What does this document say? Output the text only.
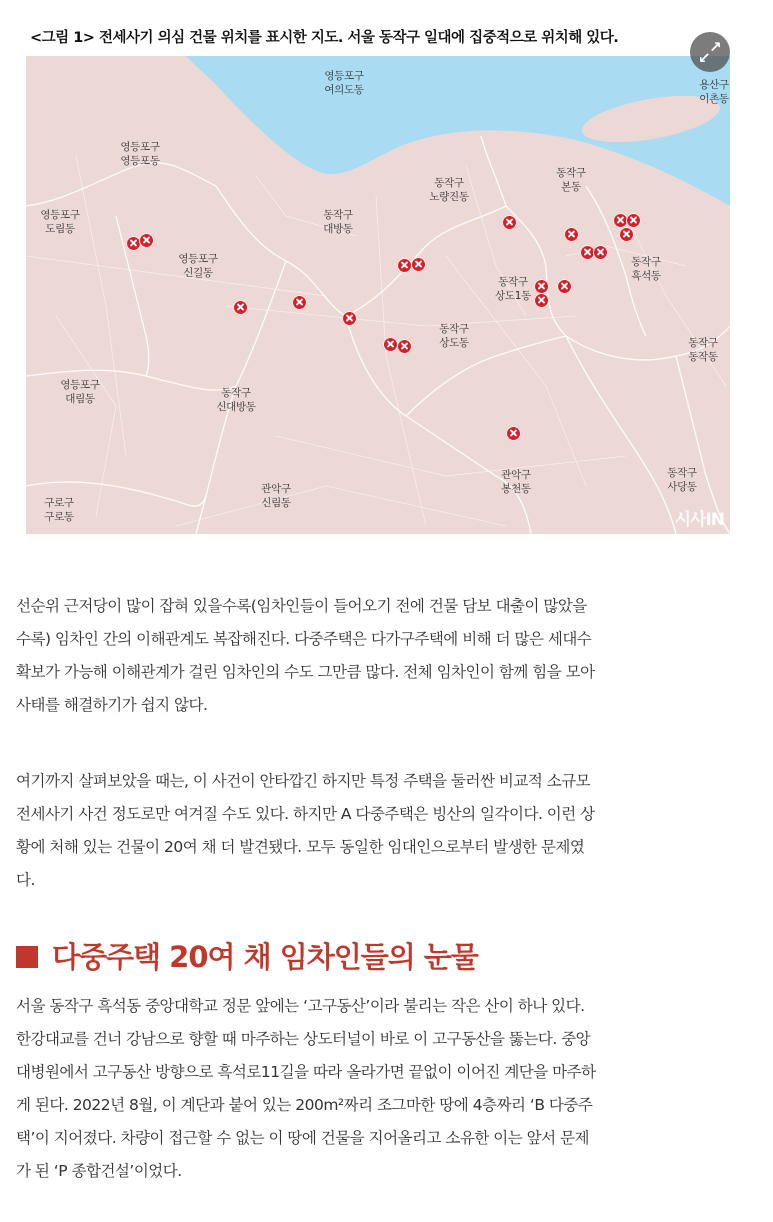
<그림 1> 전세사기 의심 건물 위치를 표시한 지도. 서울 동작구 일대에 집중적으로 위치해 있다.
영등포구
여의도동	용산구
이촌동
영등포구
영등포동
동작구
본동
동작구
노량진동
영등포구
도림동
동작구
대방동
영등포구
신길동
동작구
흑석동
동작구
상도1동
동작구
상도동	동작구
동작동
영등포구
대림동	동작구
신대방동
관악구
봉천동
동작구
사당동
관악구
신림동
구로구
구로동	시사IN
↗
↙
선순위 근저당이 많이 잡혀 있을수록(임차인들이 들어오기 전에 건물 담보 대출이 많았을
수록) 임차인 간의 이해관계도 복잡해진다. 다중주택은 다가구주택에 비해 더 많은 세대수
확보가 가능해 이해관계가 걸린 임차인의 수도 그만큼 많다. 전체 임차인이 함께 힘을 모아
사태를 해결하기가 쉽지 않다.
여기까지 살펴보았을 때는, 이 사건이 안타깝긴 하지만 특정 주택을 둘러싼 비교적 소규모
전세사기 사건 정도로만 여겨질 수도 있다. 하지만 A 다중주택은 빙산의 일각이다. 이런 상
황에 처해 있는 건물이 20여 채 더 발견됐다. 모두 동일한 임대인으로부터 발생한 문제였
다.
다중주택 20여 채 임차인들의 눈물
서울 동작구 흑석동 중앙대학교 정문 앞에는 ‘고구동산’이라 불리는 작은 산이 하나 있다.
한강대교를 건너 강남으로 향할 때 마주하는 상도터널이 바로 이 고구동산을 뚫는다. 중앙
대병원에서 고구동산 방향으로 흑석로11길을 따라 올라가면 끝없이 이어진 계단을 마주하
게 된다. 2022년 8월, 이 계단과 붙어 있는 200m²짜리 조그마한 땅에 4층짜리 ‘B 다중주
택’이 지어졌다. 차량이 접근할 수 없는 이 땅에 건물을 지어올리고 소유한 이는 앞서 문제
가 된 ‘P 종합건설’이었다.
